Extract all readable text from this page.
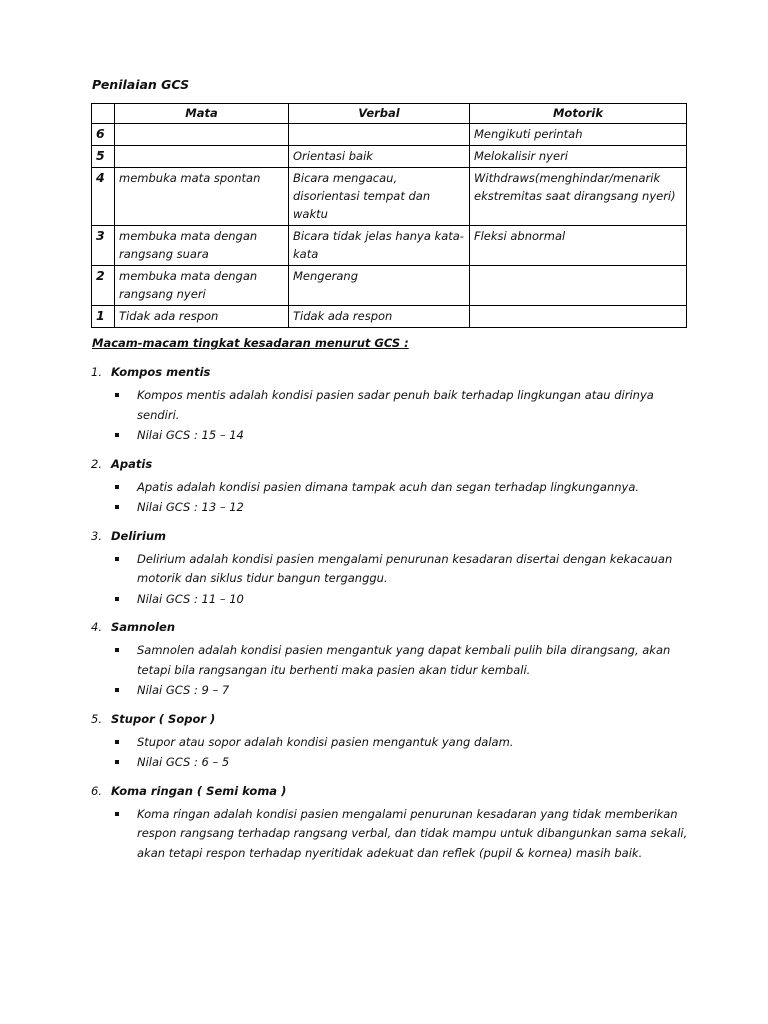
Penilaian GCS
	Mata	Verbal	Motorik
6			Mengikuti perintah
5		Orientasi baik	Melokalisir nyeri
4	membuka mata spontan	Bicara mengacau, disorientasi tempat dan waktu	Withdraws(menghindar/menarik ekstremitas saat dirangsang nyeri)
3	membuka mata dengan rangsang suara	Bicara tidak jelas hanya kata-kata	Fleksi abnormal
2	membuka mata dengan rangsang nyeri	Mengerang	
1	Tidak ada respon	Tidak ada respon	
Macam-macam tingkat kesadaran menurut GCS :
1. Kompos mentis
Kompos mentis adalah kondisi pasien sadar penuh baik terhadap lingkungan atau dirinya sendiri.
Nilai GCS : 15 – 14
2. Apatis
Apatis adalah kondisi pasien dimana tampak acuh dan segan terhadap lingkungannya.
Nilai GCS : 13 – 12
3. Delirium
Delirium adalah kondisi pasien mengalami penurunan kesadaran disertai dengan kekacauan motorik dan siklus tidur bangun terganggu.
Nilai GCS : 11 – 10
4. Samnolen
Samnolen adalah kondisi pasien mengantuk yang dapat kembali pulih bila dirangsang, akan tetapi bila rangsangan itu berhenti maka pasien akan tidur kembali.
Nilai GCS : 9 – 7
5. Stupor ( Sopor )
Stupor atau sopor adalah kondisi pasien mengantuk yang dalam.
Nilai GCS : 6 – 5
6. Koma ringan ( Semi koma )
Koma ringan adalah kondisi pasien mengalami penurunan kesadaran yang tidak memberikan respon rangsang terhadap rangsang verbal, dan tidak mampu untuk dibangunkan sama sekali, akan tetapi respon terhadap nyeritidak adekuat dan reflek (pupil & kornea) masih baik.
